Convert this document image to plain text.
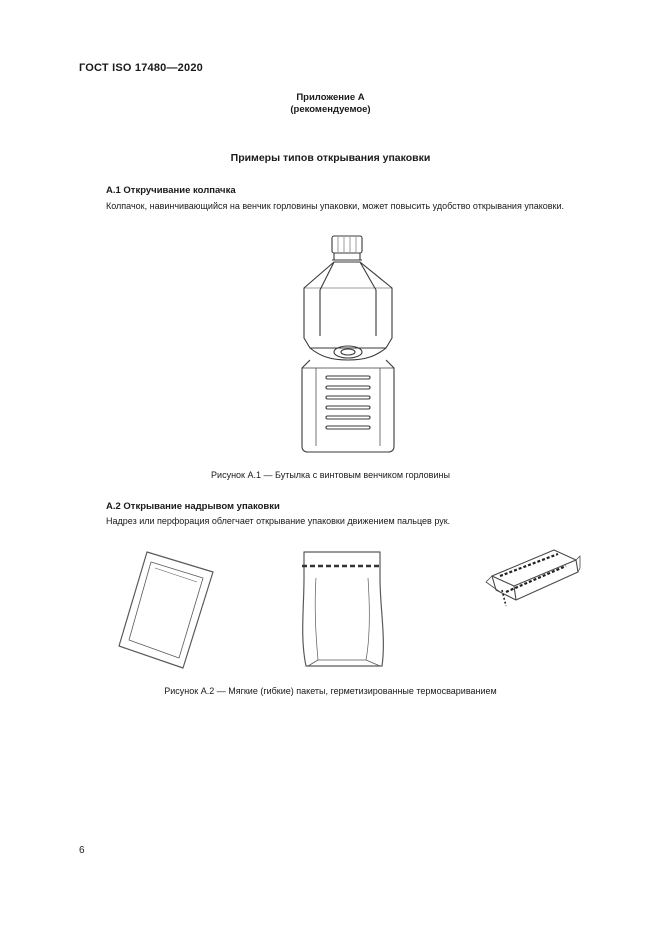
ГОСТ ISO 17480—2020
Приложение А
(рекомендуемое)
Примеры типов открывания упаковки
А.1 Откручивание колпачка
Колпачок, навинчивающийся на венчик горловины упаковки, может повысить удобство открывания упаковки.
Рисунок А.1 — Бутылка с винтовым венчиком горловины
А.2 Открывание надрывом упаковки
Надрез или перфорация облегчает открывание упаковки движением пальцев рук.
Рисунок А.2 — Мягкие (гибкие) пакеты, герметизированные термосвариванием
6
